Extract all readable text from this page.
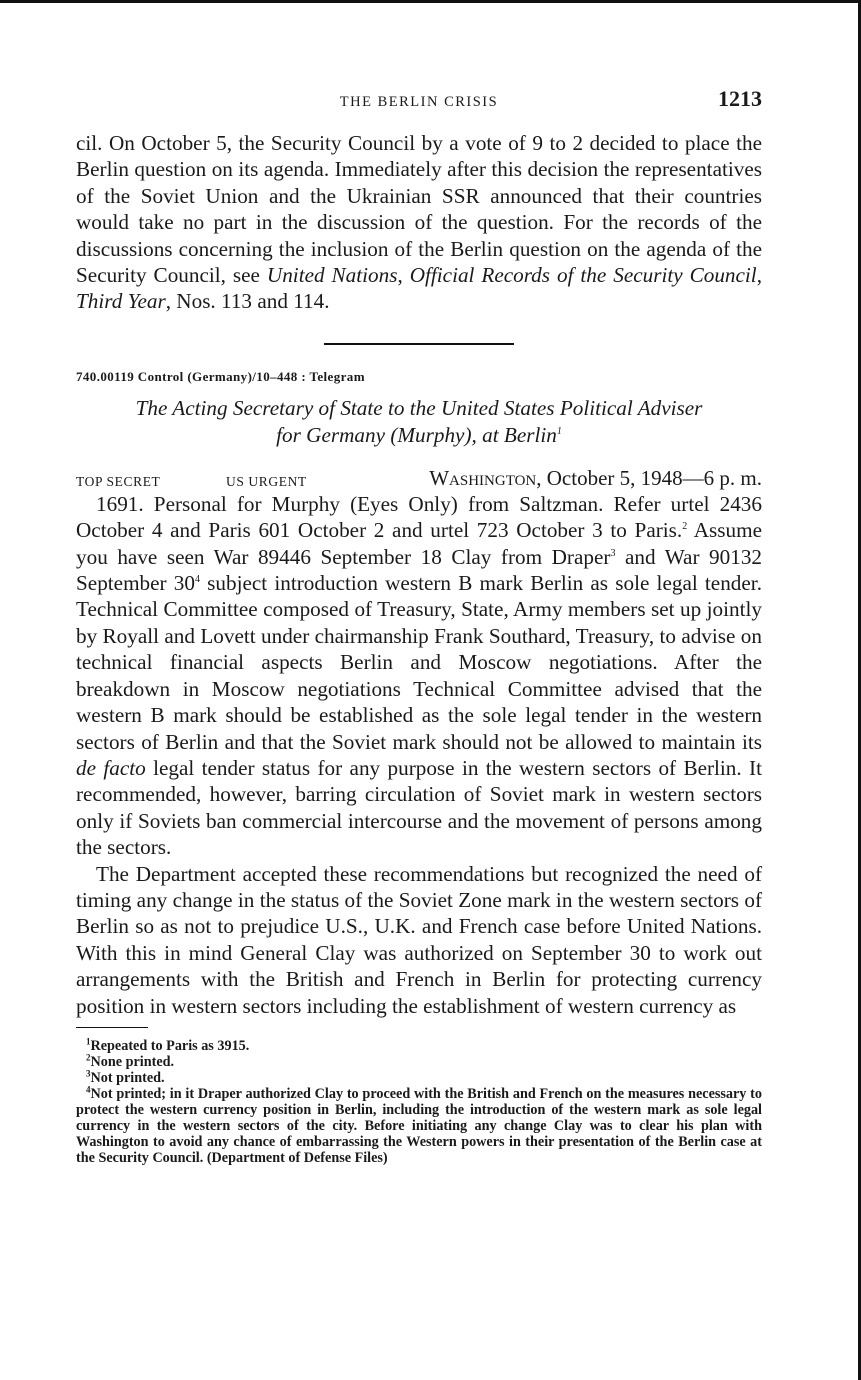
THE BERLIN CRISIS	1213

cil. On October 5, the Security Council by a vote of 9 to 2 decided to place the Berlin question on its agenda. Immediately after this decision the representatives of the Soviet Union and the Ukrainian SSR announced that their countries would take no part in the discussion of the question. For the records of the discussions concerning the inclusion of the Berlin question on the agenda of the Security Council, see United Nations, Official Records of the Security Council, Third Year, Nos. 113 and 114.

740.00119 Control (Germany)/10–448 : Telegram

The Acting Secretary of State to the United States Political Adviser
for Germany (Murphy), at Berlin$^1$

TOP SECRET	US URGENT	Washington, October 5, 1948—6 p. m.

1691. Personal for Murphy (Eyes Only) from Saltzman. Refer urtel 2436 October 4 and Paris 601 October 2 and urtel 723 October 3 to Paris.$^2$ Assume you have seen War 89446 September 18 Clay from Draper$^3$ and War 90132 September 30$^4$ subject introduction western B mark Berlin as sole legal tender. Technical Committee composed of Treasury, State, Army members set up jointly by Royall and Lovett under chairmanship Frank Southard, Treasury, to advise on technical financial aspects Berlin and Moscow negotiations. After the breakdown in Moscow negotiations Technical Committee advised that the western B mark should be established as the sole legal tender in the western sectors of Berlin and that the Soviet mark should not be allowed to maintain its de facto legal tender status for any purpose in the western sectors of Berlin. It recommended, however, barring circulation of Soviet mark in western sectors only if Soviets ban commercial intercourse and the movement of persons among the sectors.

The Department accepted these recommendations but recognized the need of timing any change in the status of the Soviet Zone mark in the western sectors of Berlin so as not to prejudice U.S., U.K. and French case before United Nations. With this in mind General Clay was authorized on September 30 to work out arrangements with the British and French in Berlin for protecting currency position in western sectors including the establishment of western currency as

$^1$Repeated to Paris as 3915.

$^2$None printed.

$^3$Not printed.

$^4$Not printed; in it Draper authorized Clay to proceed with the British and French on the measures necessary to protect the western currency position in Berlin, including the introduction of the western mark as sole legal currency in the western sectors of the city. Before initiating any change Clay was to clear his plan with Washington to avoid any chance of embarrassing the Western powers in their presentation of the Berlin case at the Security Council. (Department of Defense Files)
